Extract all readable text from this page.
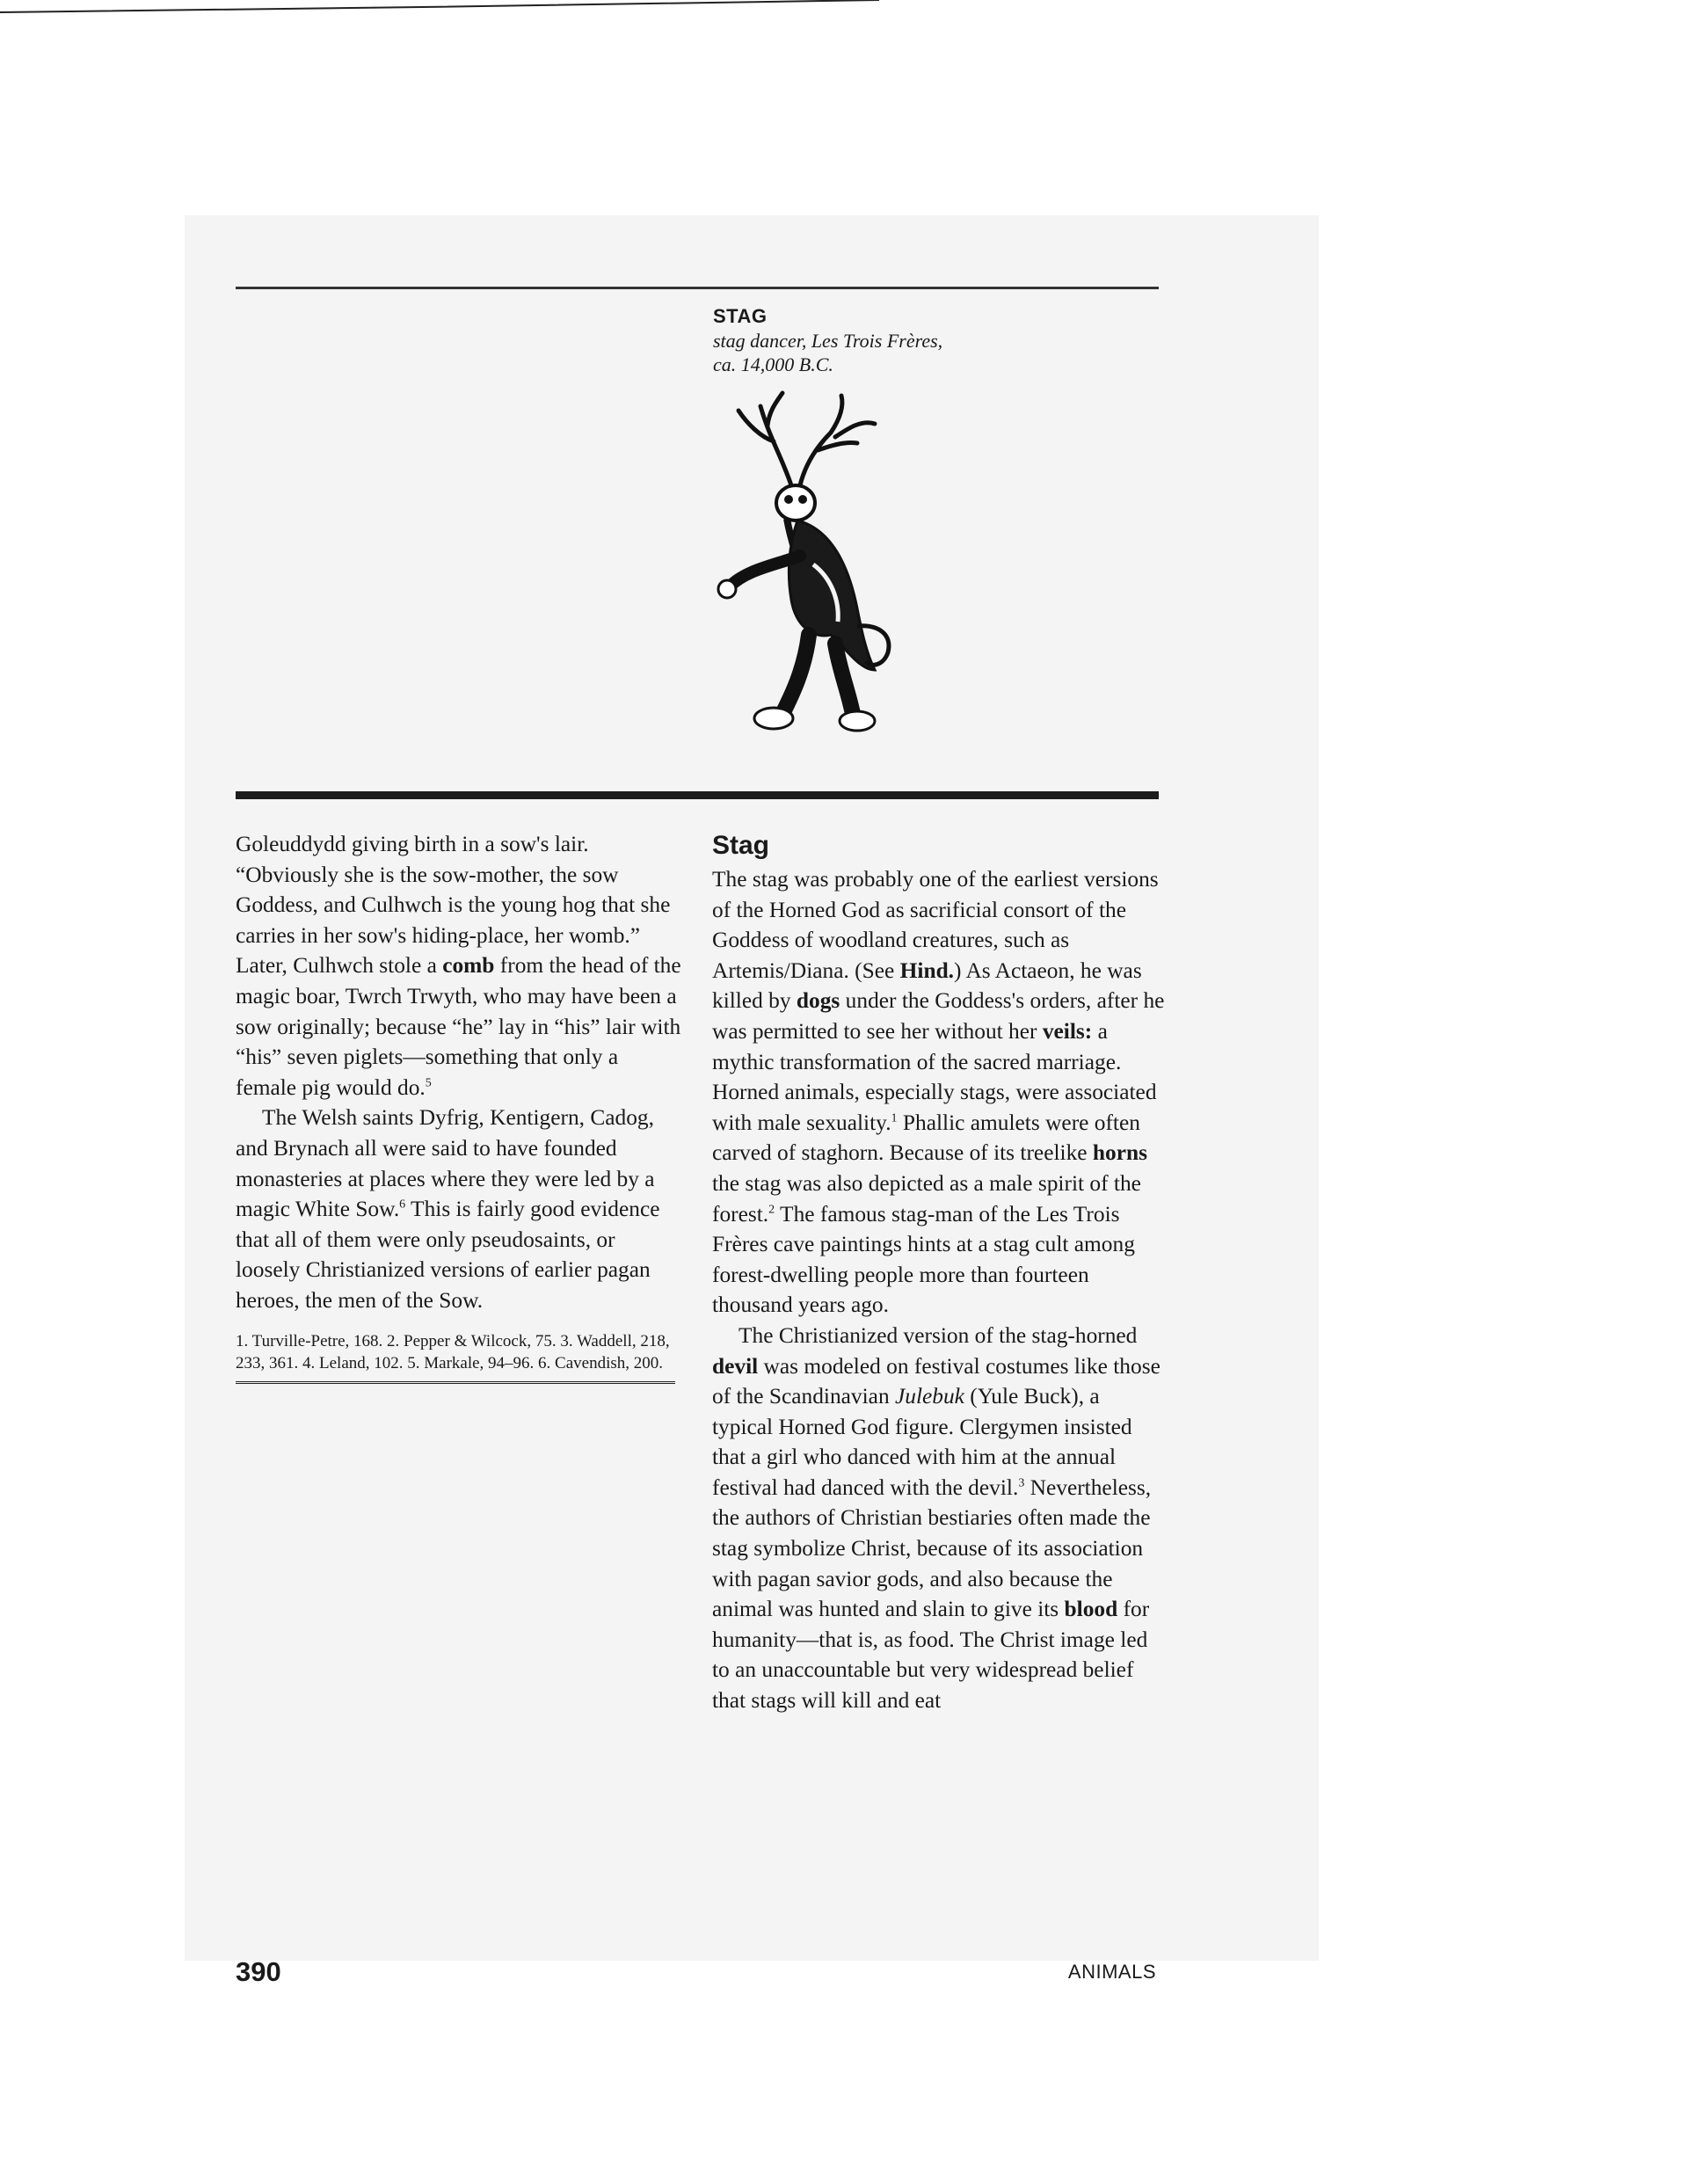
STAG
stag dancer, Les Trois Frères,
ca. 14,000 B.C.

Goleuddydd giving birth in a sow's lair. “Obviously she is the sow-mother, the sow Goddess, and Culhwch is the young hog that she carries in her sow's hiding-place, her womb.” Later, Culhwch stole a comb from the head of the magic boar, Twrch Trwyth, who may have been a sow originally; because “he” lay in “his” lair with “his” seven piglets—something that only a female pig would do.$^5$

The Welsh saints Dyfrig, Kentigern, Cadog, and Brynach all were said to have founded monasteries at places where they were led by a magic White Sow.$^6$ This is fairly good evidence that all of them were only pseudosaints, or loosely Christianized versions of earlier pagan heroes, the men of the Sow.

1. Turville-Petre, 168. 2. Pepper & Wilcock, 75. 3. Waddell, 218, 233, 361. 4. Leland, 102. 5. Markale, 94–96. 6. Cavendish, 200.
Stag

The stag was probably one of the earliest versions of the Horned God as sacrificial consort of the Goddess of woodland creatures, such as Artemis/Diana. (See Hind.) As Actaeon, he was killed by dogs under the Goddess's orders, after he was permitted to see her without her veils: a mythic transformation of the sacred marriage. Horned animals, especially stags, were associated with male sexuality.$^1$ Phallic amulets were often carved of staghorn. Because of its treelike horns the stag was also depicted as a male spirit of the forest.$^2$ The famous stag-man of the Les Trois Frères cave paintings hints at a stag cult among forest-dwelling people more than fourteen thousand years ago.

The Christianized version of the stag-horned devil was modeled on festival costumes like those of the Scandinavian Julebuk (Yule Buck), a typical Horned God figure. Clergymen insisted that a girl who danced with him at the annual festival had danced with the devil.$^3$ Nevertheless, the authors of Christian bestiaries often made the stag symbolize Christ, because of its association with pagan savior gods, and also because the animal was hunted and slain to give its blood for humanity—that is, as food. The Christ image led to an unaccountable but very widespread belief that stags will kill and eat

390	ANIMALS
